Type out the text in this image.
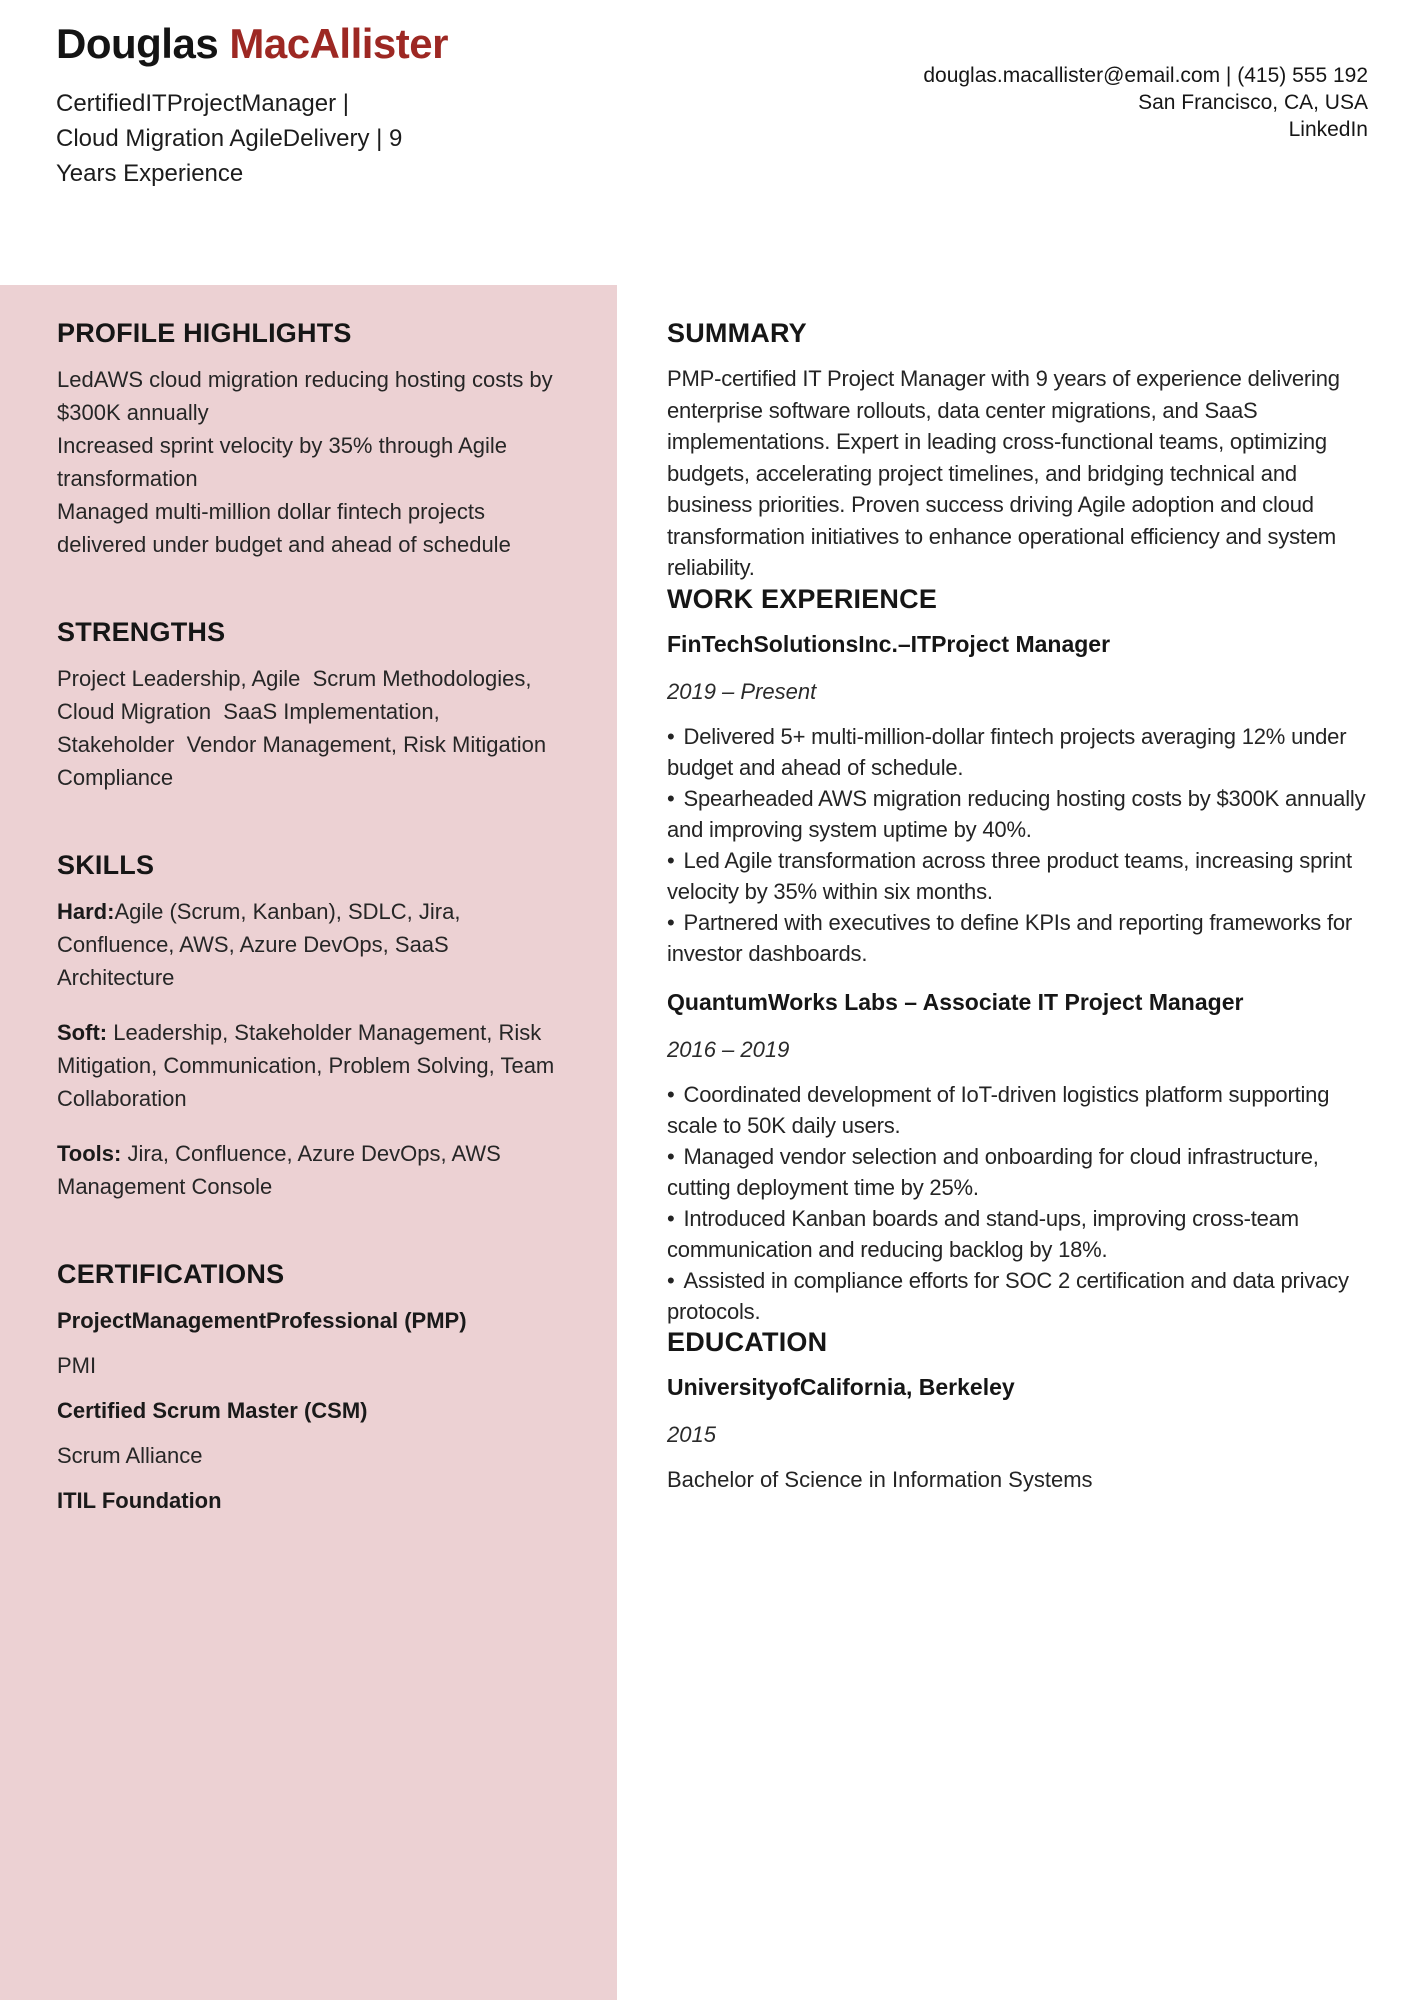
Douglas MacAllister
CertifiedITProjectManager |
Cloud Migration AgileDelivery | 9
Years Experience
douglas.macallister@email.com | (415) 555 192
San Francisco, CA, USA
LinkedIn
PROFILE HIGHLIGHTS
LedAWS cloud migration reducing hosting costs by $300K annually
Increased sprint velocity by 35% through Agile transformation
Managed multi-million dollar fintech projects delivered under budget and ahead of schedule
STRENGTHS
Project Leadership, Agile  Scrum Methodologies, Cloud Migration  SaaS Implementation, Stakeholder  Vendor Management, Risk Mitigation  Compliance
SKILLS
Hard:Agile (Scrum, Kanban), SDLC, Jira, Confluence, AWS, Azure DevOps, SaaS Architecture
Soft: Leadership, Stakeholder Management, Risk Mitigation, Communication, Problem Solving, Team Collaboration
Tools: Jira, Confluence, Azure DevOps, AWS Management Console
CERTIFICATIONS
ProjectManagementProfessional (PMP)
PMI
Certified Scrum Master (CSM)
Scrum Alliance
ITIL Foundation
SUMMARY
PMP-certified IT Project Manager with 9 years of experience delivering enterprise software rollouts, data center migrations, and SaaS implementations. Expert in leading cross-functional teams, optimizing budgets, accelerating project timelines, and bridging technical and business priorities. Proven success driving Agile adoption and cloud transformation initiatives to enhance operational efficiency and system reliability.
WORK EXPERIENCE
FinTechSolutionsInc.–ITProject Manager
2019 – Present
• Delivered 5+ multi-million-dollar fintech projects averaging 12% under budget and ahead of schedule.
• Spearheaded AWS migration reducing hosting costs by $300K annually and improving system uptime by 40%.
• Led Agile transformation across three product teams, increasing sprint velocity by 35% within six months.
• Partnered with executives to define KPIs and reporting frameworks for investor dashboards.
QuantumWorks Labs – Associate IT Project Manager
2016 – 2019
• Coordinated development of IoT-driven logistics platform supporting scale to 50K daily users.
• Managed vendor selection and onboarding for cloud infrastructure, cutting deployment time by 25%.
• Introduced Kanban boards and stand-ups, improving cross-team communication and reducing backlog by 18%.
• Assisted in compliance efforts for SOC 2 certification and data privacy protocols.
EDUCATION
UniversityofCalifornia, Berkeley
2015
Bachelor of Science in Information Systems
